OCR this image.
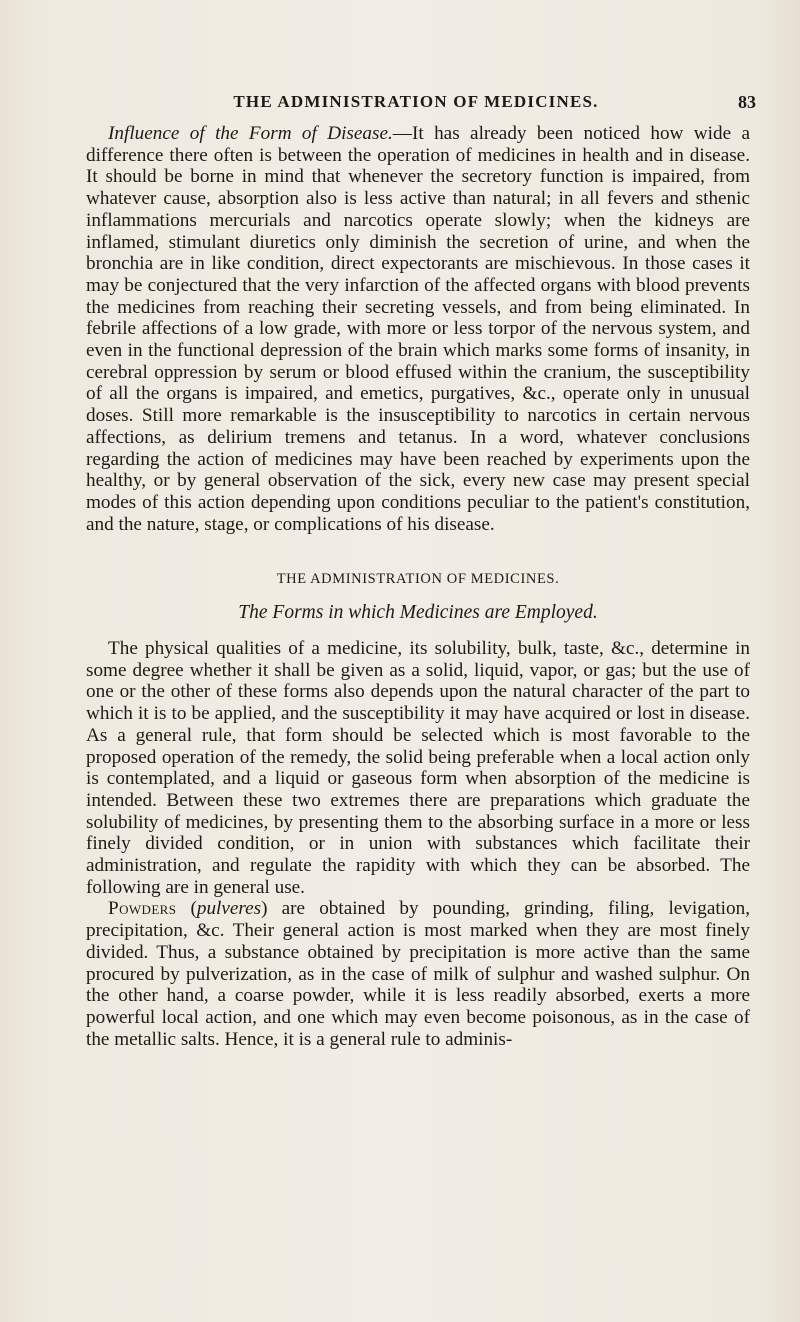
THE ADMINISTRATION OF MEDICINES.	83

Influence of the Form of Disease.—It has already been noticed how wide a difference there often is between the operation of medicines in health and in disease. It should be borne in mind that whenever the secretory function is impaired, from whatever cause, absorption also is less active than natural; in all fevers and sthenic inflammations mercurials and narcotics operate slowly; when the kidneys are inflamed, stimulant diuretics only diminish the secretion of urine, and when the bronchia are in like condition, direct expectorants are mischievous. In those cases it may be conjectured that the very infarction of the affected organs with blood prevents the medicines from reaching their secreting vessels, and from being eliminated. In febrile affections of a low grade, with more or less torpor of the nervous system, and even in the functional depression of the brain which marks some forms of insanity, in cerebral oppression by serum or blood effused within the cranium, the susceptibility of all the organs is impaired, and emetics, purgatives, &c., operate only in unusual doses. Still more remarkable is the insusceptibility to narcotics in certain nervous affections, as delirium tremens and tetanus. In a word, whatever conclusions regarding the action of medicines may have been reached by experiments upon the healthy, or by general observation of the sick, every new case may present special modes of this action depending upon conditions peculiar to the patient's constitution, and the nature, stage, or complications of his disease.

THE ADMINISTRATION OF MEDICINES.
The Forms in which Medicines are Employed.

The physical qualities of a medicine, its solubility, bulk, taste, &c., determine in some degree whether it shall be given as a solid, liquid, vapor, or gas; but the use of one or the other of these forms also depends upon the natural character of the part to which it is to be applied, and the susceptibility it may have acquired or lost in disease. As a general rule, that form should be selected which is most favorable to the proposed operation of the remedy, the solid being preferable when a local action only is contemplated, and a liquid or gaseous form when absorption of the medicine is intended. Between these two extremes there are preparations which graduate the solubility of medicines, by presenting them to the absorbing surface in a more or less finely divided condition, or in union with substances which facilitate their administration, and regulate the rapidity with which they can be absorbed. The following are in general use.

Powders (pulveres) are obtained by pounding, grinding, filing, levigation, precipitation, &c. Their general action is most marked when they are most finely divided. Thus, a substance obtained by precipitation is more active than the same procured by pulverization, as in the case of milk of sulphur and washed sulphur. On the other hand, a coarse powder, while it is less readily absorbed, exerts a more powerful local action, and one which may even become poisonous, as in the case of the metallic salts. Hence, it is a general rule to adminis-
